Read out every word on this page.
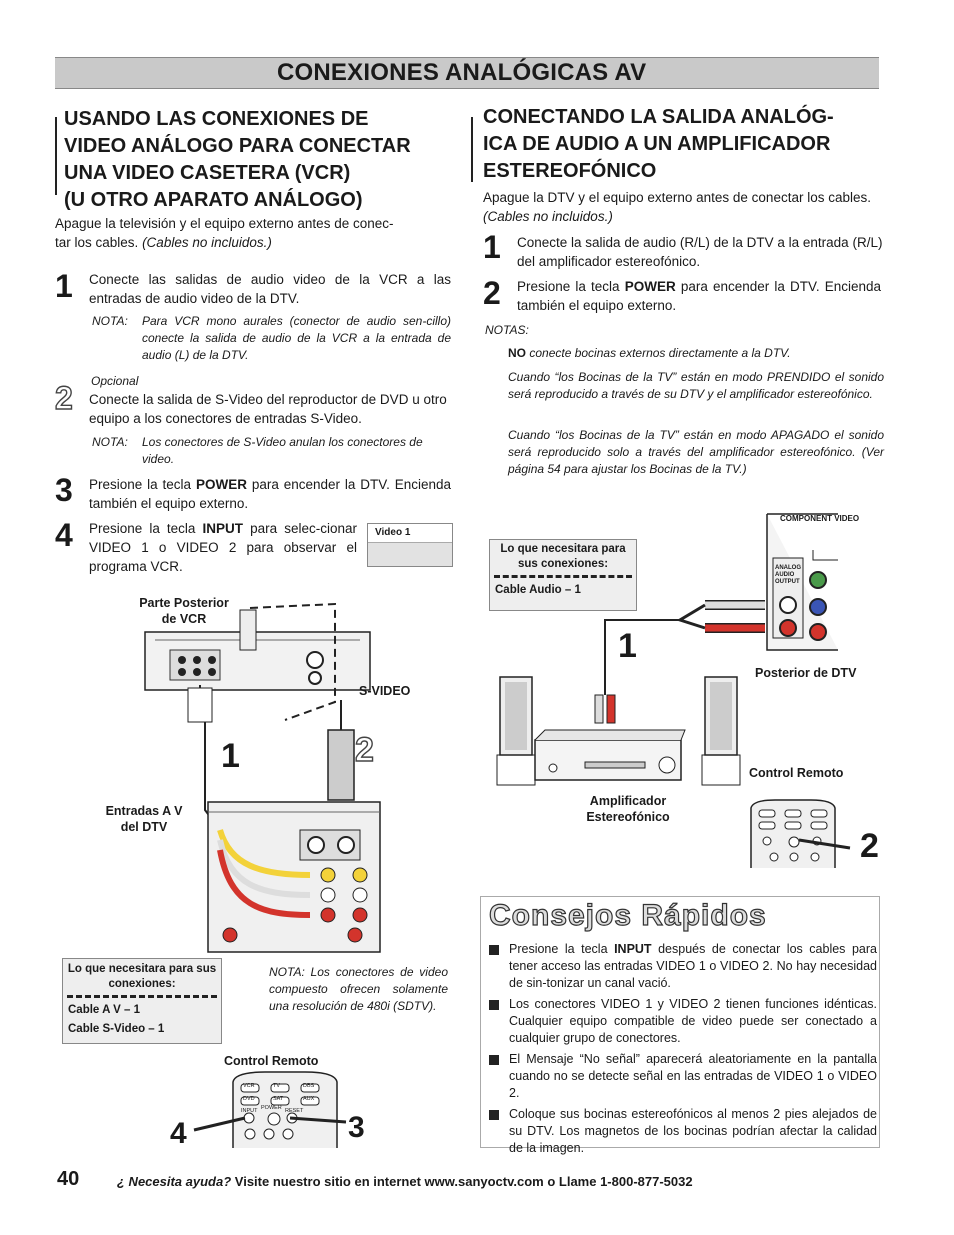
CONEXIONES ANALÓGICAS AV
USANDO LAS CONEXIONES DE
VIDEO ANÁLOGO PARA CONECTAR
UNA VIDEO CASETERA (VCR)
(U OTRO APARATO ANÁLOGO)
Apague la televisión y el equipo externo antes de conec-
tar los cables. (Cables no incluidos.)
1 Conecte las salidas de audio video de la VCR a las entradas de audio video de la DTV.

NOTA: Para VCR mono aurales (conector de audio sen-cillo) conecte la salida de audio de la VCR a la entrada de audio (L) de la DTV.

2 Opcional

Conecte la salida de S-Video del reproductor de DVD u otro equipo a los conectores de entradas S-Video.

NOTA: Los conectores de S-Video anulan los conectores de video.

3 Presione la tecla POWER para encender la DTV. Encienda también el equipo externo.

4 Presione la tecla INPUT para selec-cionar VIDEO 1 o VIDEO 2 para observar el programa VCR.

Video 1
Parte Posterior de VCR
S-VIDEO
Entradas A V del DTV
1	2
Lo que necesitara para sus conexiones:
Cable A V – 1
Cable S-Video – 1

NOTA: Los conectores de video compuesto ofrecen solamente una resolución de 480i (SDTV).

Control Remoto
VCR	TV	DBS
DVD	SAT	AUX
INPUT POWER RESET
4	3
CONECTANDO LA SALIDA ANALÓG-
ICA DE AUDIO A UN AMPLIFICADOR
ESTEREOFÓNICO

Apague la DTV y el equipo externo antes de conectar los cables. (Cables no incluidos.)

1 Conecte la salida de audio (R/L) de la DTV a la entrada (R/L) del amplificador estereofónico.

2 Presione la tecla POWER para encender la DTV. Encienda también el equipo externo.

NOTAS:

NO conecte bocinas externos directamente a la DTV.

Cuando “los Bocinas de la TV” están en modo PRENDIDO el sonido será reproducido a través de su DTV y el amplificador estereofónico.

Cuando “los Bocinas de la TV” están en modo APAGADO el sonido será reproducido solo a través del amplificador estereofónico. (Ver página 54 para ajustar los Bocinas de la TV.)

Lo que necesitara para sus conexiones:
Cable Audio – 1
1
Posterior de DTV
COMPONENT VIDEO
ANALOG AUDIO OUTPUT
Control Remoto
Amplificador Estereofónico
2
Consejos Rápidos

Presione la tecla INPUT después de conectar los cables para tener acceso las entradas VIDEO 1 o VIDEO 2. No hay necesidad de sin-tonizar un canal vació.

Los conectores VIDEO 1 y VIDEO 2 tienen funciones idénticas. Cualquier equipo compatible de video puede ser conectado a cualquier grupo de conectores.

El Mensaje “No señal” aparecerá aleatoriamente en la pantalla cuando no se detecte señal en las entradas de VIDEO 1 o VIDEO 2.

Coloque sus bocinas estereofónicos al menos 2 pies alejados de su DTV. Los magnetos de los bocinas podrían afectar la calidad de la imagen.

40	¿ Necesita ayuda? Visite nuestro sitio en internet www.sanyoctv.com o Llame 1-800-877-5032
